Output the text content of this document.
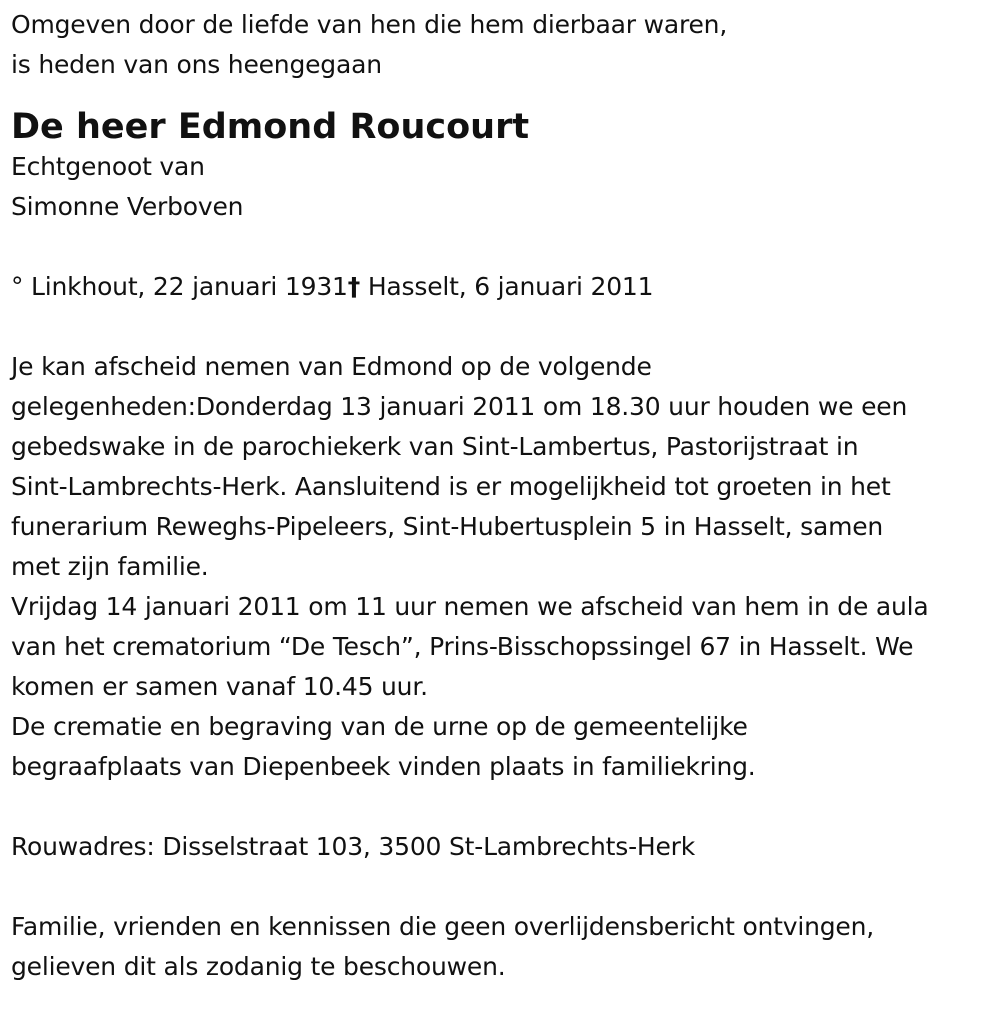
Omgeven door de liefde van hen die hem dierbaar waren,
is heden van ons heengegaan
De heer Edmond Roucourt
Echtgenoot van
Simonne Verboven
° Linkhout, 22 januari 1931† Hasselt, 6 januari 2011
Je kan afscheid nemen van Edmond op de volgende
gelegenheden:Donderdag 13 januari 2011 om 18.30 uur houden we een
gebedswake in de parochiekerk van Sint-Lambertus, Pastorijstraat in
Sint-Lambrechts-Herk. Aansluitend is er mogelijkheid tot groeten in het
funerarium Reweghs-Pipeleers, Sint-Hubertusplein 5 in Hasselt, samen
met zijn familie.
Vrijdag 14 januari 2011 om 11 uur nemen we afscheid van hem in de aula
van het crematorium “De Tesch”, Prins-Bisschopssingel 67 in Hasselt. We
komen er samen vanaf 10.45 uur.
De crematie en begraving van de urne op de gemeentelijke
begraafplaats van Diepenbeek vinden plaats in familiekring.
Rouwadres: Disselstraat 103, 3500 St-Lambrechts-Herk
Familie, vrienden en kennissen die geen overlijdensbericht ontvingen,
gelieven dit als zodanig te beschouwen.
